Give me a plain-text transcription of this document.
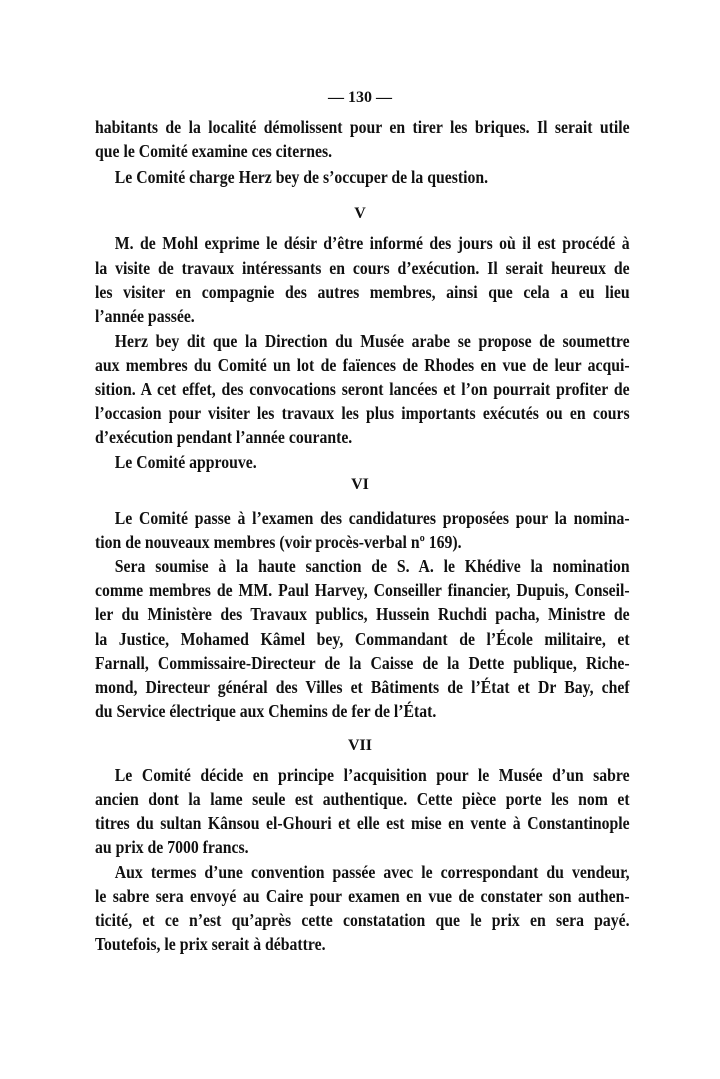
— 130 —
habitants de la localité démolissent pour en tirer les briques. Il serait utile
que le Comité examine ces citernes.
Le Comité charge Herz bey de s’occuper de la question.
V
M. de Mohl exprime le désir d’être informé des jours où il est procédé à
la visite de travaux intéressants en cours d’exécution. Il serait heureux de
les visiter en compagnie des autres membres, ainsi que cela a eu lieu
l’année passée.
Herz bey dit que la Direction du Musée arabe se propose de soumettre
aux membres du Comité un lot de faïences de Rhodes en vue de leur acqui-
sition. A cet effet, des convocations seront lancées et l’on pourrait profiter de
l’occasion pour visiter les travaux les plus importants exécutés ou en cours
d’exécution pendant l’année courante.
Le Comité approuve.
VI
Le Comité passe à l’examen des candidatures proposées pour la nomina-
tion de nouveaux membres (voir procès-verbal nº 169).
Sera soumise à la haute sanction de S. A. le Khédive la nomination
comme membres de MM. Paul Harvey, Conseiller financier, Dupuis, Conseil-
ler du Ministère des Travaux publics, Hussein Ruchdi pacha, Ministre de
la Justice, Mohamed Kâmel bey, Commandant de l’École militaire, et
Farnall, Commissaire-Directeur de la Caisse de la Dette publique, Riche-
mond, Directeur général des Villes et Bâtiments de l’État et Dr Bay, chef
du Service électrique aux Chemins de fer de l’État.
VII
Le Comité décide en principe l’acquisition pour le Musée d’un sabre
ancien dont la lame seule est authentique. Cette pièce porte les nom et
titres du sultan Kânsou el-Ghouri et elle est mise en vente à Constantinople
au prix de 7000 francs.
Aux termes d’une convention passée avec le correspondant du vendeur,
le sabre sera envoyé au Caire pour examen en vue de constater son authen-
ticité, et ce n’est qu’après cette constatation que le prix en sera payé.
Toutefois, le prix serait à débattre.
